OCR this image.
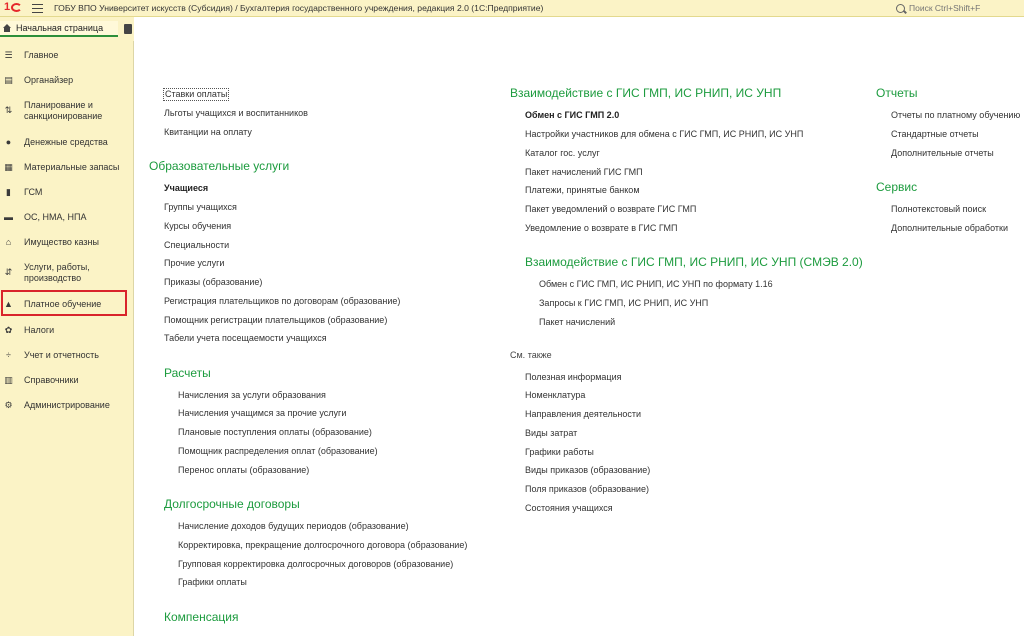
1	ГОБУ ВПО Университет искусств (Субсидия) / Бухгалтерия государственного учреждения, редакция 2.0 (1С:Предприятие)
Поиск Ctrl+Shift+F
Начальная страница
☰ Главное
▤ Органайзер
⇅ Планирование и санкционирование
● Денежные средства
▦ Материальные запасы
▮ ГСМ
▬ ОС, НМА, НПА
⌂ Имущество казны
⇵ Услуги, работы, производство
▲ Платное обучение
✿ Налоги
÷ Учет и отчетность
▥ Справочники
⚙ Администрирование
Ставки оплаты
Льготы учащихся и воспитанников
Квитанции на оплату
Образовательные услуги
Учащиеся
Группы учащихся
Курсы обучения
Специальности
Прочие услуги
Приказы (образование)
Регистрация плательщиков по договорам (образование)
Помощник регистрации плательщиков (образование)
Табели учета посещаемости учащихся
Расчеты
Начисления за услуги образования
Начисления учащимся за прочие услуги
Плановые поступления оплаты (образование)
Помощник распределения оплат (образование)
Перенос оплаты (образование)
Долгосрочные договоры
Начисление доходов будущих периодов (образование)
Корректировка, прекращение долгосрочного договора (образование)
Групповая корректировка долгосрочных договоров (образование)
Графики оплаты
Компенсация
Взаимодействие с ГИС ГМП, ИС РНИП, ИС УНП
Обмен с ГИС ГМП 2.0
Настройки участников для обмена с ГИС ГМП, ИС РНИП, ИС УНП
Каталог гос. услуг
Пакет начислений ГИС ГМП
Платежи, принятые банком
Пакет уведомлений о возврате ГИС ГМП
Уведомление о возврате в ГИС ГМП
Взаимодействие с ГИС ГМП, ИС РНИП, ИС УНП (СМЭВ 2.0)
Обмен с ГИС ГМП, ИС РНИП, ИС УНП по формату 1.16
Запросы к ГИС ГМП, ИС РНИП, ИС УНП
Пакет начислений
См. также
Полезная информация
Номенклатура
Направления деятельности
Виды затрат
Графики работы
Виды приказов (образование)
Поля приказов (образование)
Состояния учащихся
Отчеты
Отчеты по платному обучению
Стандартные отчеты
Дополнительные отчеты
Сервис
Полнотекстовый поиск
Дополнительные обработки
